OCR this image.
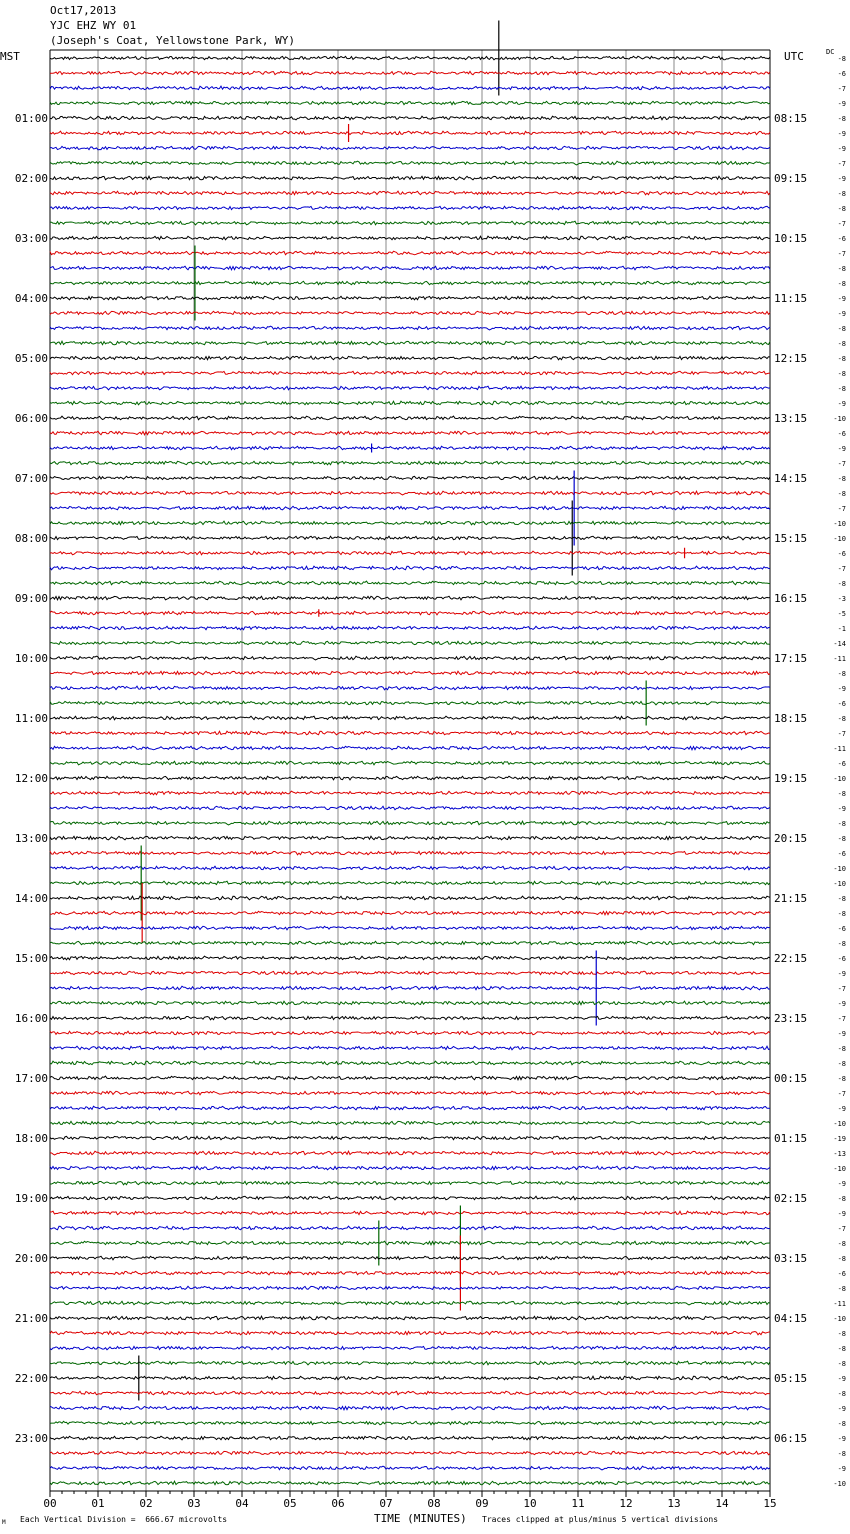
Oct17,2013
YJC EHZ WY 01
(Joseph's Coat, Yellowstone Park, WY)
MST	UTC	DC
00	01	02	03	04	05	06	07	08	09	10	11	12	13	14	15
-8
-6
-7
-9
-8
01:00	08:15
-9
-9
-7
-9
02:00	09:15
-8
-8
-7
-6
03:00	10:15
-7
-8
-8
-9
04:00	11:15
-9
-8
-8
-8
05:00	12:15
-8
-8
-9
-10
06:00	13:15
-6
-9
-7
-8
07:00	14:15
-8
-7
-10
-10
08:00	15:15
-6
-7
-8
-3
09:00	16:15
-5
-1
-14
-11
10:00	17:15
-8
-9
-6
-8
11:00	18:15
-7
-11
-6
-10
12:00	19:15
-8
-9
-8
-8
13:00	20:15
-6
-10
-10
-8
14:00	21:15
-8
-6
-8
-6
15:00	22:15
-9
-7
-9
-7
16:00	23:15
-9
-8
-8
-8
17:00	00:15
-7
-9
-10
-19
18:00	01:15
-13
-10
-9
-8
19:00	02:15
-9
-7
-8
-8
20:00	03:15
-6
-8
-11
-10
21:00	04:15
-8
-8
-8
-9
22:00	05:15
-8
-9
-8
-9
23:00	06:15
-8
-9
-10
M Each Vertical Division =  666.67 microvolts	TIME (MINUTES) Traces clipped at plus/minus 5 vertical divisions
